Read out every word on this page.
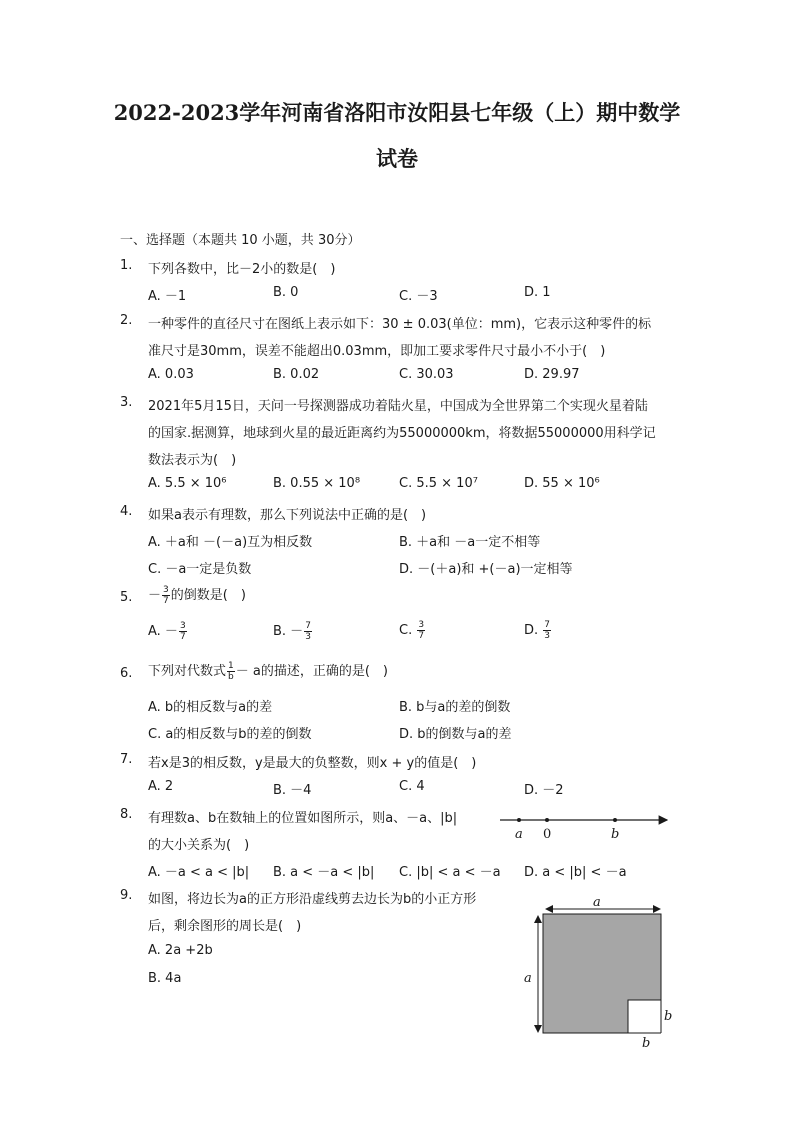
2022-2023学年河南省洛阳市汝阳县七年级（上）期中数学
试卷
一、选择题（本题共 10 小题，共 30分）
1. 下列各数中，比－2小的数是(　)
A. －1	B. 0	C. －3	D. 1
2. 一种零件的直径尺寸在图纸上表示如下：30 ± 0.03(单位：mm)，它表示这种零件的标
准尺寸是30mm，误差不能超出0.03mm，即加工要求零件尺寸最小不小于(　)
A. 0.03	B. 0.02	C. 30.03	D. 29.97
3. 2021年5月15日，天问一号探测器成功着陆火星，中国成为全世界第二个实现火星着陆
的国家.据测算，地球到火星的最近距离约为55000000km，将数据55000000用科学记
数法表示为(　)
A. 5.5 × 10⁶	B. 0.55 × 10⁸	C. 5.5 × 10⁷	D. 55 × 10⁶
4. 如果a表示有理数，那么下列说法中正确的是(　)
A. ＋a和 －(－a)互为相反数	B. ＋a和 －a一定不相等
C. －a一定是负数	D. －(＋a)和 +(－a)一定相等
5. － $\frac{3}{7}$ 的倒数是(　)
A. － $\frac{3}{7}$	B. － $\frac{7}{3}$	C. $\frac{3}{7}$	D. $\frac{7}{3}$
6. 下列对代数式 $\frac{1}{b} - a$的描述，正确的是(　)
A. b的相反数与a的差	B. b与a的差的倒数
C. a的相反数与b的差的倒数	D. b的倒数与a的差
7. 若x是3的相反数，y是最大的负整数，则x + y的值是(　)
A. 2	B. －4	C. 4	D. －2
8. 有理数a、b在数轴上的位置如图所示，则a、－a、|b|
的大小关系为(　)
A. －a < a < |b| B. a < －a < |b| C. |b| < a < －a D. a < |b| < －a
a 0	b
9. 如图，将边长为a的正方形沿虚线剪去边长为b的小正方形
后，剩余图形的周长是(　)
A. 2a +2b
B. 4a
a
a
b
b
